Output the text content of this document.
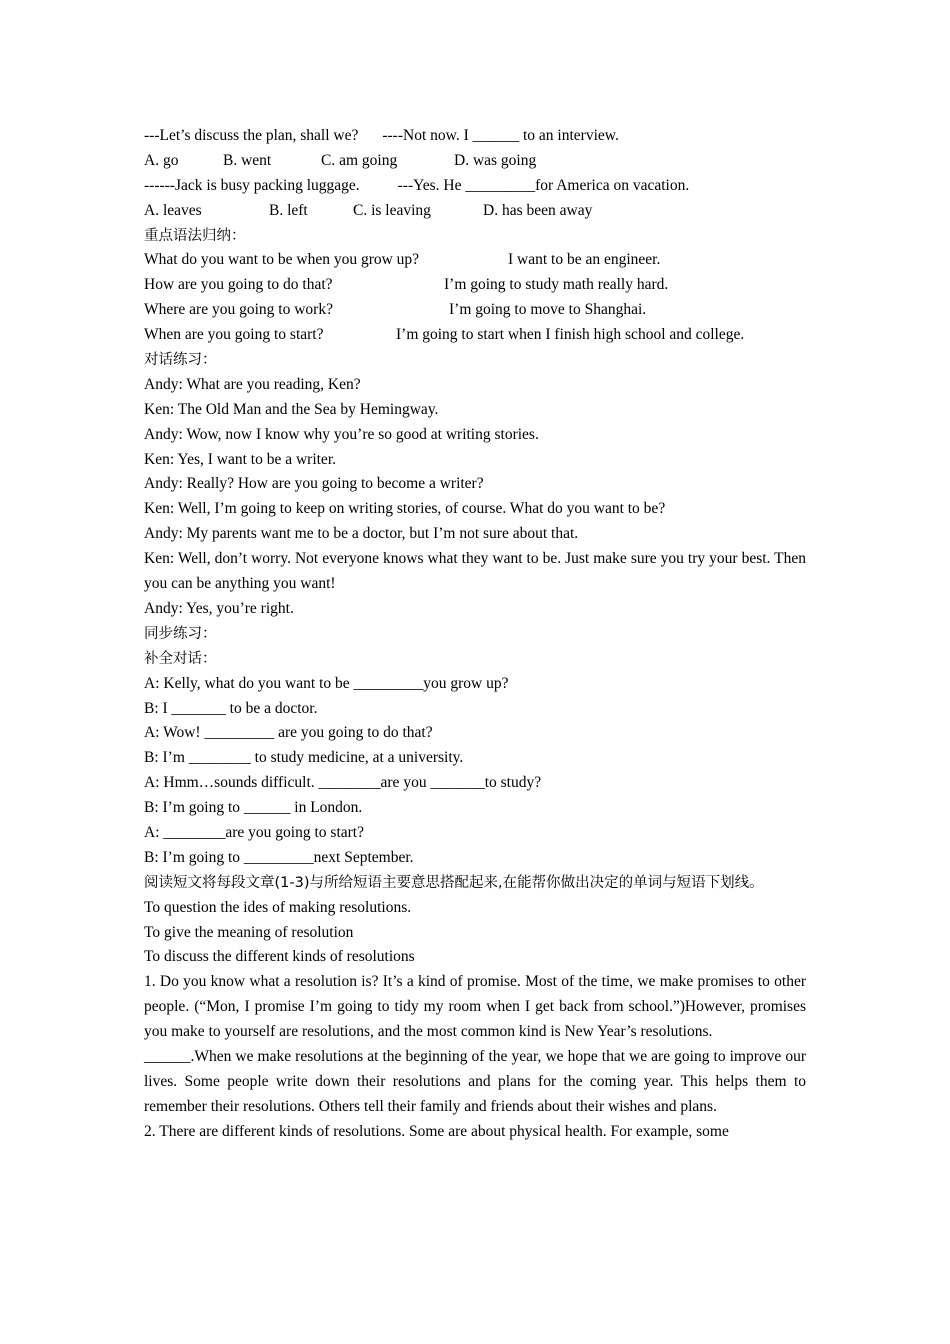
---Let’s discuss the plan, shall we? ----Not now. I ______ to an interview.
A. go	B. went	C. am going	D. was going
------Jack is busy packing luggage. ---Yes. He _________for America on vacation.
A. leaves	B. left	C. is leaving	D. has been away
重点语法归纳：
What do you want to be when you grow up?	I want to be an engineer.
How are you going to do that?	I’m going to study math really hard.
Where are you going to work?	I’m going to move to Shanghai.
When are you going to start?	I’m going to start when I finish high school and college.
对话练习：
Andy: What are you reading, Ken?
Ken: The Old Man and the Sea by Hemingway.
Andy: Wow, now I know why you’re so good at writing stories.
Ken: Yes, I want to be a writer.
Andy: Really? How are you going to become a writer?
Ken: Well, I’m going to keep on writing stories, of course. What do you want to be?
Andy: My parents want me to be a doctor, but I’m not sure about that.
Ken: Well, don’t worry. Not everyone knows what they want to be. Just make sure you try your best. Then you can be anything you want!
Andy: Yes, you’re right.
同步练习：
补全对话：
A: Kelly, what do you want to be _________you grow up?
B: I _______ to be a doctor.
A: Wow! _________ are you going to do that?
B: I’m ________ to study medicine, at a university.
A: Hmm…sounds difficult. ________are you _______to study?
B: I’m going to ______ in London.
A: ________are you going to start?
B: I’m going to _________next September.
阅读短文将每段文章(1-3)与所给短语主要意思搭配起来,在能帮你做出决定的单词与短语下划线。
To question the ides of making resolutions.
To give the meaning of resolution
To discuss the different kinds of resolutions
1. Do you know what a resolution is? It’s a kind of promise. Most of the time, we make promises to other people. (“Mon, I promise I’m going to tidy my room when I get back from school.”)However, promises you make to yourself are resolutions, and the most common kind is New Year’s resolutions.
______.When we make resolutions at the beginning of the year, we hope that we are going to improve our lives. Some people write down their resolutions and plans for the coming year. This helps them to remember their resolutions. Others tell their family and friends about their wishes and plans.
2. There are different kinds of resolutions. Some are about physical health. For example, some
